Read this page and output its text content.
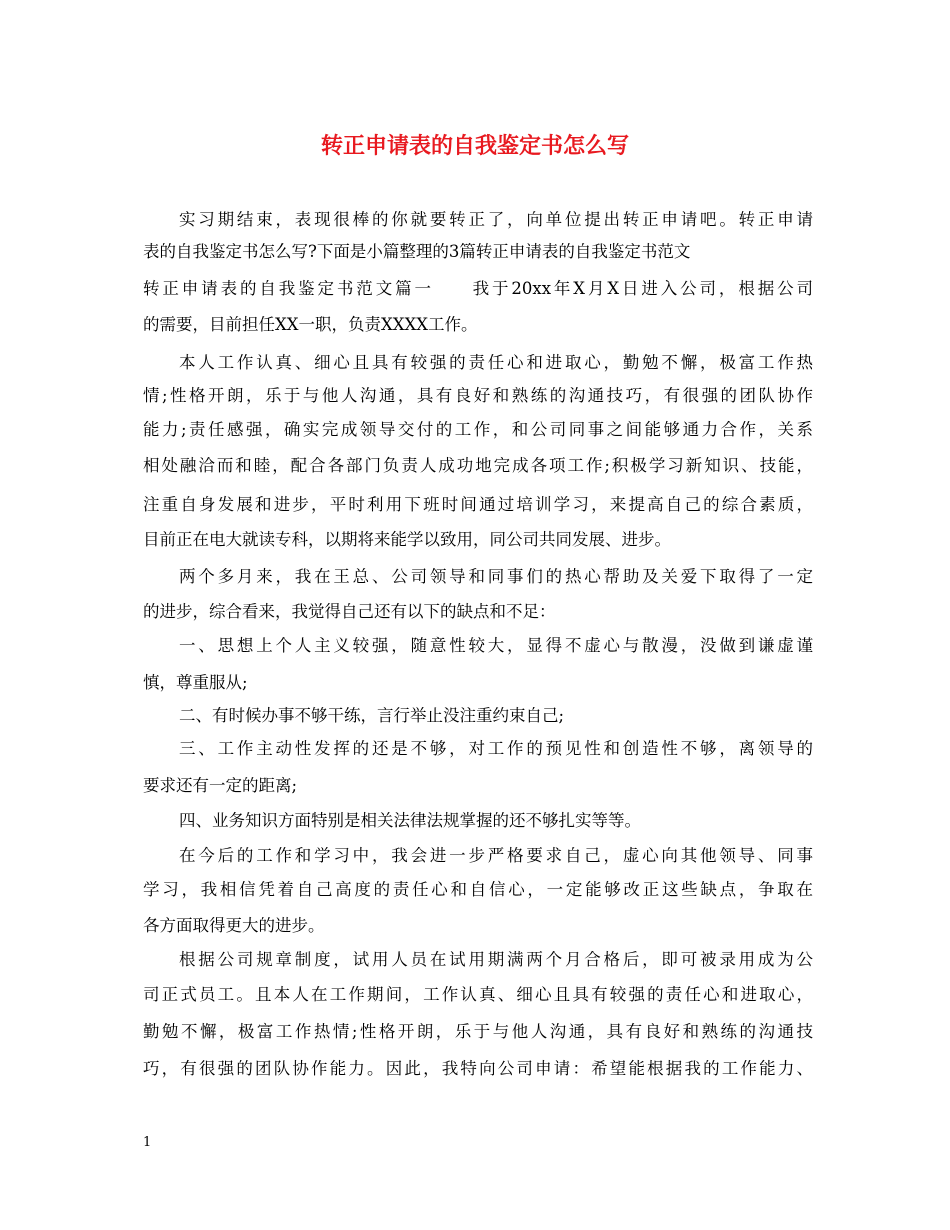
转正申请表的自我鉴定书怎么写
实习期结束，表现很棒的你就要转正了，向单位提出转正申请吧。转正申请
表的自我鉴定书怎么写?下面是小篇整理的3篇转正申请表的自我鉴定书范文
转正申请表的自我鉴定书范文篇一　　我于20xx年X月X日进入公司，根据公司
的需要，目前担任XX一职，负责XXXX工作。
本人工作认真、细心且具有较强的责任心和进取心，勤勉不懈，极富工作热
情;性格开朗，乐于与他人沟通，具有良好和熟练的沟通技巧，有很强的团队协作
能力;责任感强，确实完成领导交付的工作，和公司同事之间能够通力合作，关系
相处融洽而和睦，配合各部门负责人成功地完成各项工作;积极学习新知识、技能，
注重自身发展和进步，平时利用下班时间通过培训学习，来提高自己的综合素质，
目前正在电大就读专科，以期将来能学以致用，同公司共同发展、进步。
两个多月来，我在王总、公司领导和同事们的热心帮助及关爱下取得了一定
的进步，综合看来，我觉得自己还有以下的缺点和不足：
一、思想上个人主义较强，随意性较大，显得不虚心与散漫，没做到谦虚谨
慎，尊重服从;
二、有时候办事不够干练，言行举止没注重约束自己;
三、工作主动性发挥的还是不够，对工作的预见性和创造性不够，离领导的
要求还有一定的距离;
四、业务知识方面特别是相关法律法规掌握的还不够扎实等等。
在今后的工作和学习中，我会进一步严格要求自己，虚心向其他领导、同事
学习，我相信凭着自己高度的责任心和自信心，一定能够改正这些缺点，争取在
各方面取得更大的进步。
根据公司规章制度，试用人员在试用期满两个月合格后，即可被录用成为公
司正式员工。且本人在工作期间，工作认真、细心且具有较强的责任心和进取心，
勤勉不懈，极富工作热情;性格开朗，乐于与他人沟通，具有良好和熟练的沟通技
巧，有很强的团队协作能力。因此，我特向公司申请：希望能根据我的工作能力、
1
